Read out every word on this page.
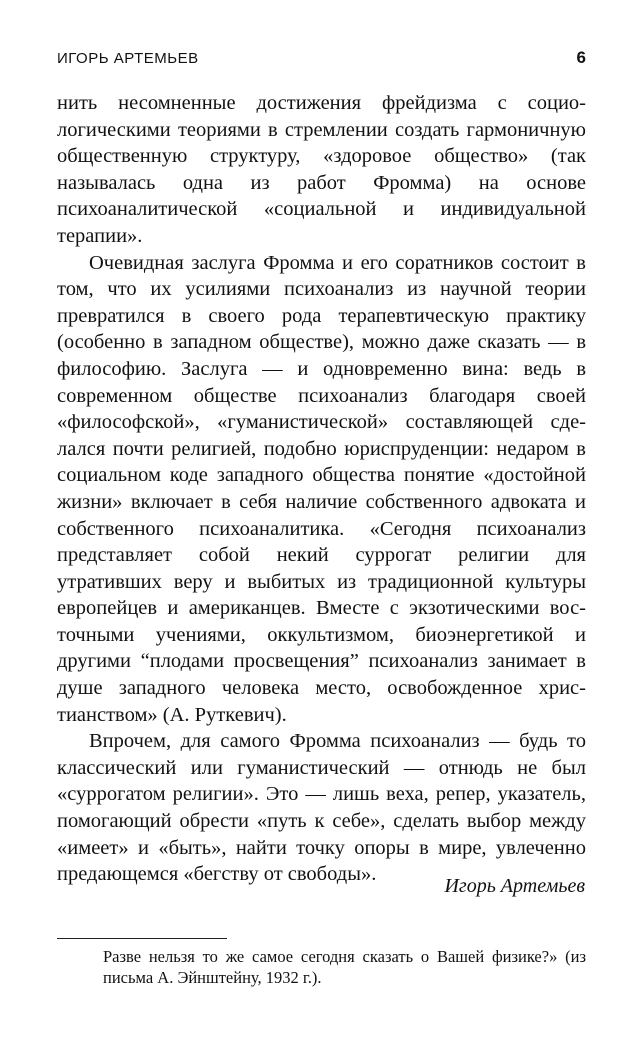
ИГОРЬ АРТЕМЬЕВ	6

нить несомненные достижения фрейдизма с социологическими теориями в стремлении создать гармоничную общественную структуру, «здоровое общество» (так называлась одна из работ Фромма) на основе психоаналитической «социальной и индивидуальной терапии».

Очевидная заслуга Фромма и его соратников состоит в том, что их усилиями психоанализ из научной теории превратился в своего рода терапевтическую практику (особенно в западном обществе), можно даже сказать — в философию. Заслуга — и одновременно вина: ведь в современном обществе психоанализ благодаря своей «философской», «гуманистической» составляющей сделался почти религией, подобно юриспруденции: недаром в социальном коде западного общества понятие «достойной жизни» включает в себя наличие собственного адвоката и собственного психоаналитика. «Сегодня психоанализ представляет собой некий суррогат религии для утративших веру и выбитых из традиционной культуры европейцев и американцев. Вместе с экзотическими восточными учениями, оккультизмом, биоэнергетикой и другими “плодами просвещения” психоанализ занимает в душе западного человека место, освобожденное христианством» (А. Руткевич).

Впрочем, для самого Фромма психоанализ — будь то классический или гуманистический — отнюдь не был «суррогатом религии». Это — лишь веха, репер, указатель, помогающий обрести «путь к себе», сделать выбор между «имеет» и «быть», найти точку опоры в мире, увлеченно предающемся «бегству от свободы».

Игорь Артемьев
Разве нельзя то же самое сегодня сказать о Вашей физике?» (из письма А. Эйнштейну, 1932 г.).
